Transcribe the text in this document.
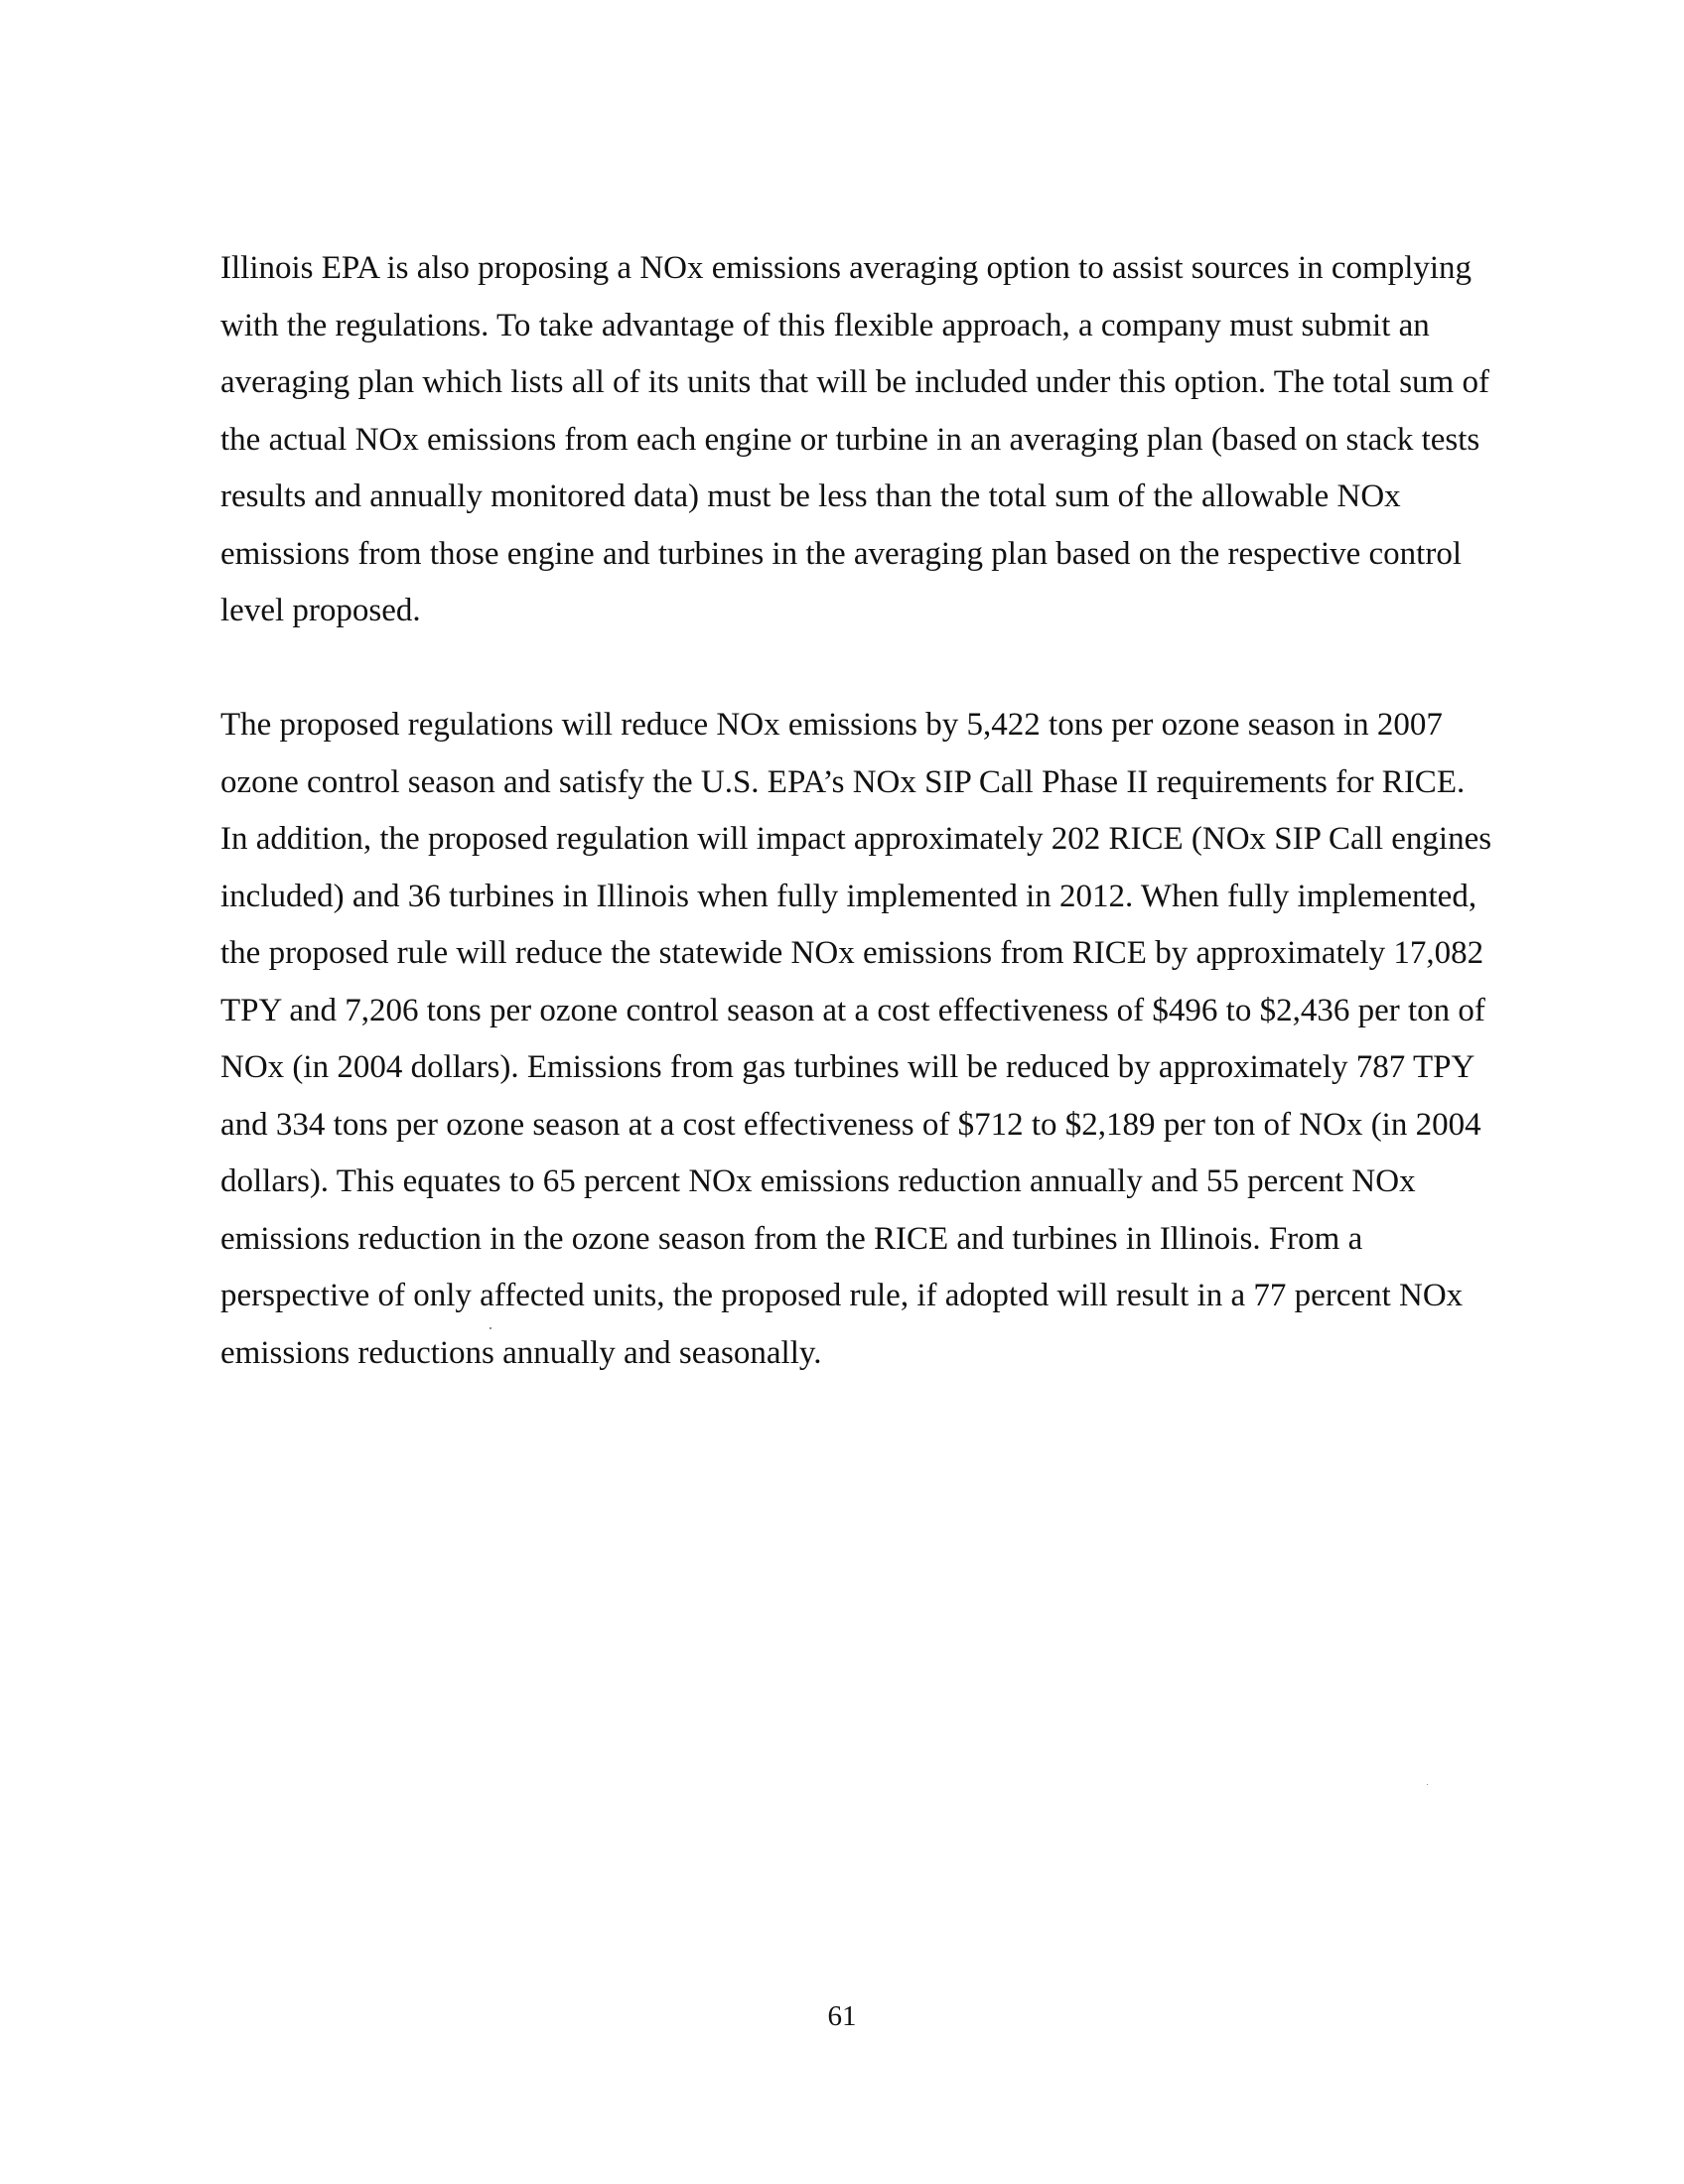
Illinois EPA is also proposing a NOx emissions averaging option to assist sources in complying
with the regulations. To take advantage of this flexible approach, a company must submit an
averaging plan which lists all of its units that will be included under this option. The total sum of
the actual NOx emissions from each engine or turbine in an averaging plan (based on stack tests
results and annually monitored data) must be less than the total sum of the allowable NOx
emissions from those engine and turbines in the averaging plan based on the respective control
level proposed.

The proposed regulations will reduce NOx emissions by 5,422 tons per ozone season in 2007
ozone control season and satisfy the U.S. EPA’s NOx SIP Call Phase II requirements for RICE.
In addition, the proposed regulation will impact approximately 202 RICE (NOx SIP Call engines
included) and 36 turbines in Illinois when fully implemented in 2012. When fully implemented,
the proposed rule will reduce the statewide NOx emissions from RICE by approximately 17,082
TPY and 7,206 tons per ozone control season at a cost effectiveness of $496 to $2,436 per ton of
NOx (in 2004 dollars). Emissions from gas turbines will be reduced by approximately 787 TPY
and 334 tons per ozone season at a cost effectiveness of $712 to $2,189 per ton of NOx (in 2004
dollars). This equates to 65 percent NOx emissions reduction annually and 55 percent NOx
emissions reduction in the ozone season from the RICE and turbines in Illinois. From a
perspective of only affected units, the proposed rule, if adopted will result in a 77 percent NOx
emissions reductions annually and seasonally.

61
